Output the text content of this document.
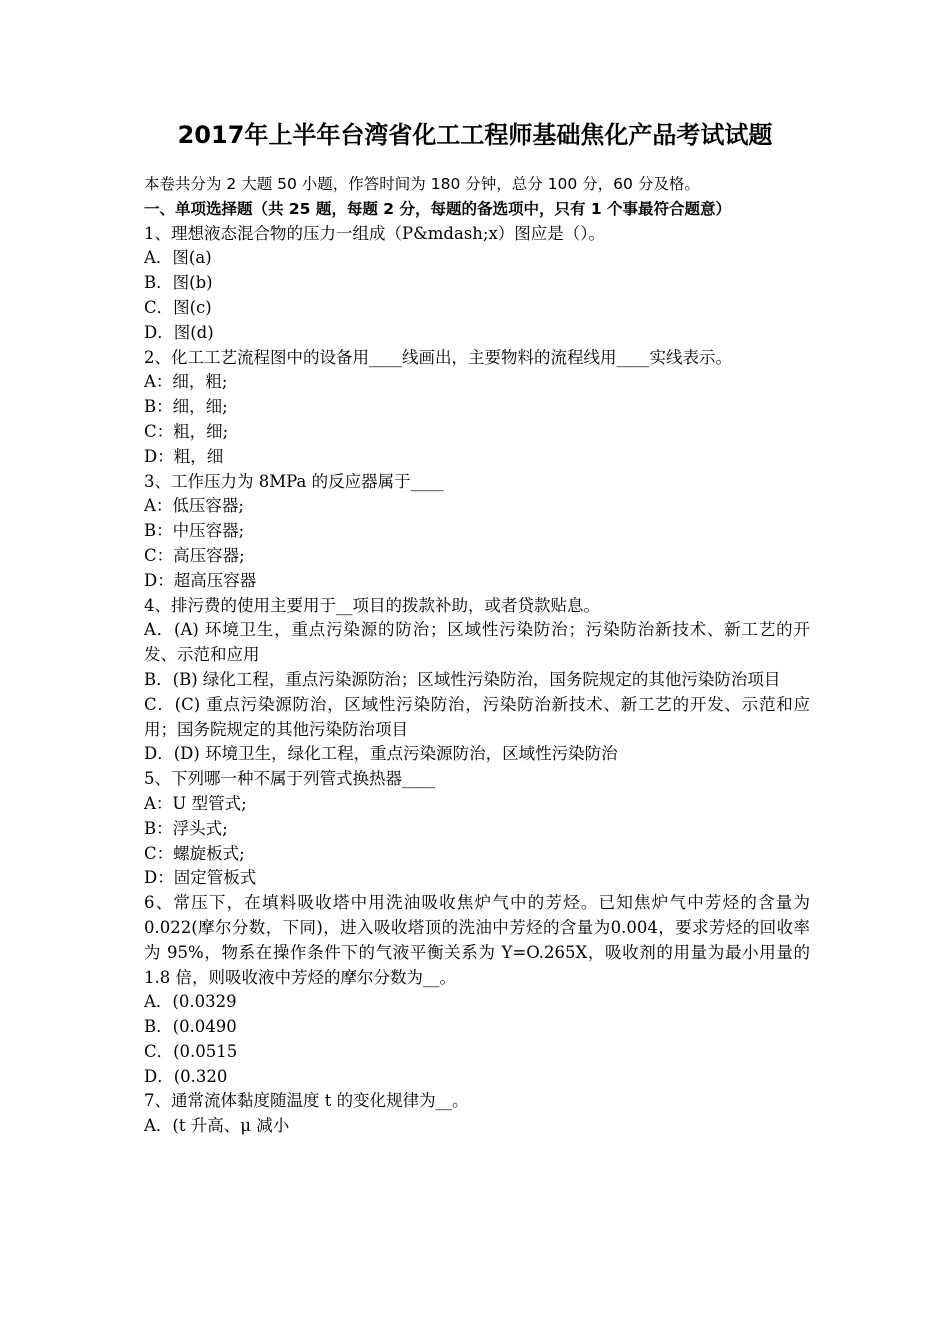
2017年上半年台湾省化工工程师基础焦化产品考试试题
本卷共分为 2 大题 50 小题，作答时间为 180 分钟，总分 100 分，60 分及格。
一、单项选择题（共 25 题，每题 2 分，每题的备选项中，只有 1 个事最符合题意）
1、理想液态混合物的压力一组成（P&mdash;x）图应是（）。
A．图(a)
B．图(b)
C．图(c)
D．图(d)
2、化工工艺流程图中的设备用____线画出，主要物料的流程线用____实线表示。
A：细，粗;
B：细，细;
C：粗，细;
D：粗，细
3、工作压力为 8MPa 的反应器属于____
A：低压容器;
B：中压容器;
C：高压容器;
D：超高压容器
4、排污费的使用主要用于__项目的拨款补助，或者贷款贴息。
A．(A) 环境卫生，重点污染源的防治；区域性污染防治；污染防治新技术、新工艺的开发、示范和应用
B．(B) 绿化工程，重点污染源防治；区域性污染防治，国务院规定的其他污染防治项目
C．(C) 重点污染源防治，区域性污染防治，污染防治新技术、新工艺的开发、示范和应用；国务院规定的其他污染防治项目
D．(D) 环境卫生，绿化工程，重点污染源防治，区域性污染防治
5、下列哪一种不属于列管式换热器____
A：U 型管式;
B：浮头式;
C：螺旋板式;
D：固定管板式
6、常压下，在填料吸收塔中用洗油吸收焦炉气中的芳烃。已知焦炉气中芳烃的含量为 0.022(摩尔分数，下同)，进入吸收塔顶的洗油中芳烃的含量为0.004，要求芳烃的回收率为 95%，物系在操作条件下的气液平衡关系为 Y=O.265X，吸收剂的用量为最小用量的 1.8 倍，则吸收液中芳烃的摩尔分数为__。
A．(0.0329
B．(0.0490
C．(0.0515
D．(0.320
7、通常流体黏度随温度 t 的变化规律为__。
A．(t 升高、μ 减小
